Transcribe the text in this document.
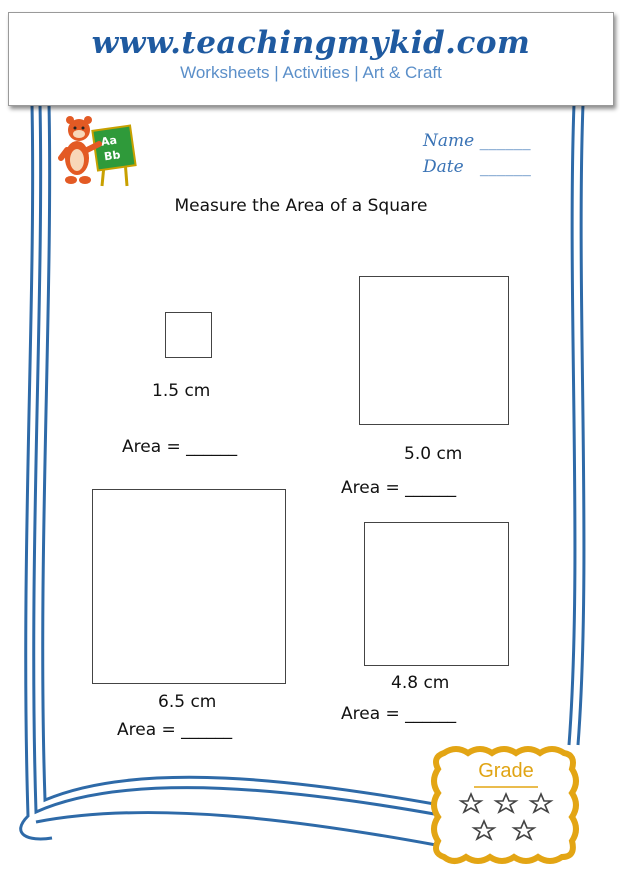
www.teachingmykid.com
Worksheets | Activities | Art & Craft
Aa
Bb
Name ______
Date   ______
Measure the Area of a Square
1.5 cm
Area = ______	5.0 cm
Area = ______
6.5 cm
Area = ______
4.8 cm
Area = ______
Grade
